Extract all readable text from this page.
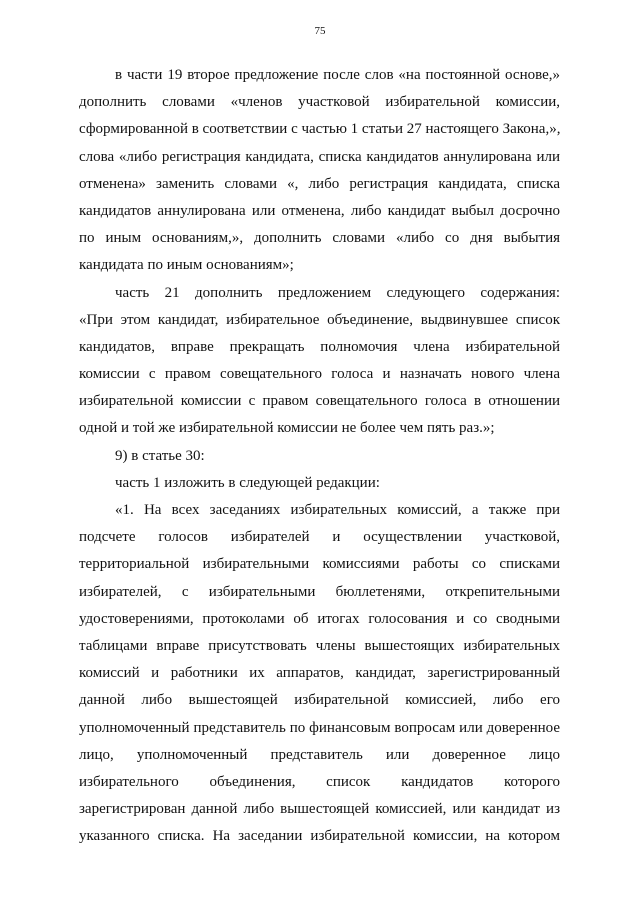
75
в части 19 второе предложение после слов «на постоянной основе,»
дополнить словами «членов участковой избирательной комиссии,
сформированной в соответствии с частью 1 статьи 27 настоящего Закона,»,
слова «либо регистрация кандидата, списка кандидатов аннулирована или
отменена» заменить словами «, либо регистрация кандидата, списка
кандидатов аннулирована или отменена, либо кандидат выбыл досрочно
по иным основаниям,», дополнить словами «либо со дня выбытия
кандидата по иным основаниям»;
часть 21 дополнить предложением следующего содержания:
«При этом кандидат, избирательное объединение, выдвинувшее список
кандидатов, вправе прекращать полномочия члена избирательной
комиссии с правом совещательного голоса и назначать нового члена
избирательной комиссии с правом совещательного голоса в отношении
одной и той же избирательной комиссии не более чем пять раз.»;
9) в статье 30:
часть 1 изложить в следующей редакции:
«1. На всех заседаниях избирательных комиссий, а также при
подсчете голосов избирателей и осуществлении участковой,
территориальной избирательными комиссиями работы со списками
избирателей, с избирательными бюллетенями, открепительными
удостоверениями, протоколами об итогах голосования и со сводными
таблицами вправе присутствовать члены вышестоящих избирательных
комиссий и работники их аппаратов, кандидат, зарегистрированный
данной либо вышестоящей избирательной комиссией, либо его
уполномоченный представитель по финансовым вопросам или доверенное
лицо, уполномоченный представитель или доверенное лицо
избирательного объединения, список кандидатов которого
зарегистрирован данной либо вышестоящей комиссией, или кандидат из
указанного списка. На заседании избирательной комиссии, на котором
